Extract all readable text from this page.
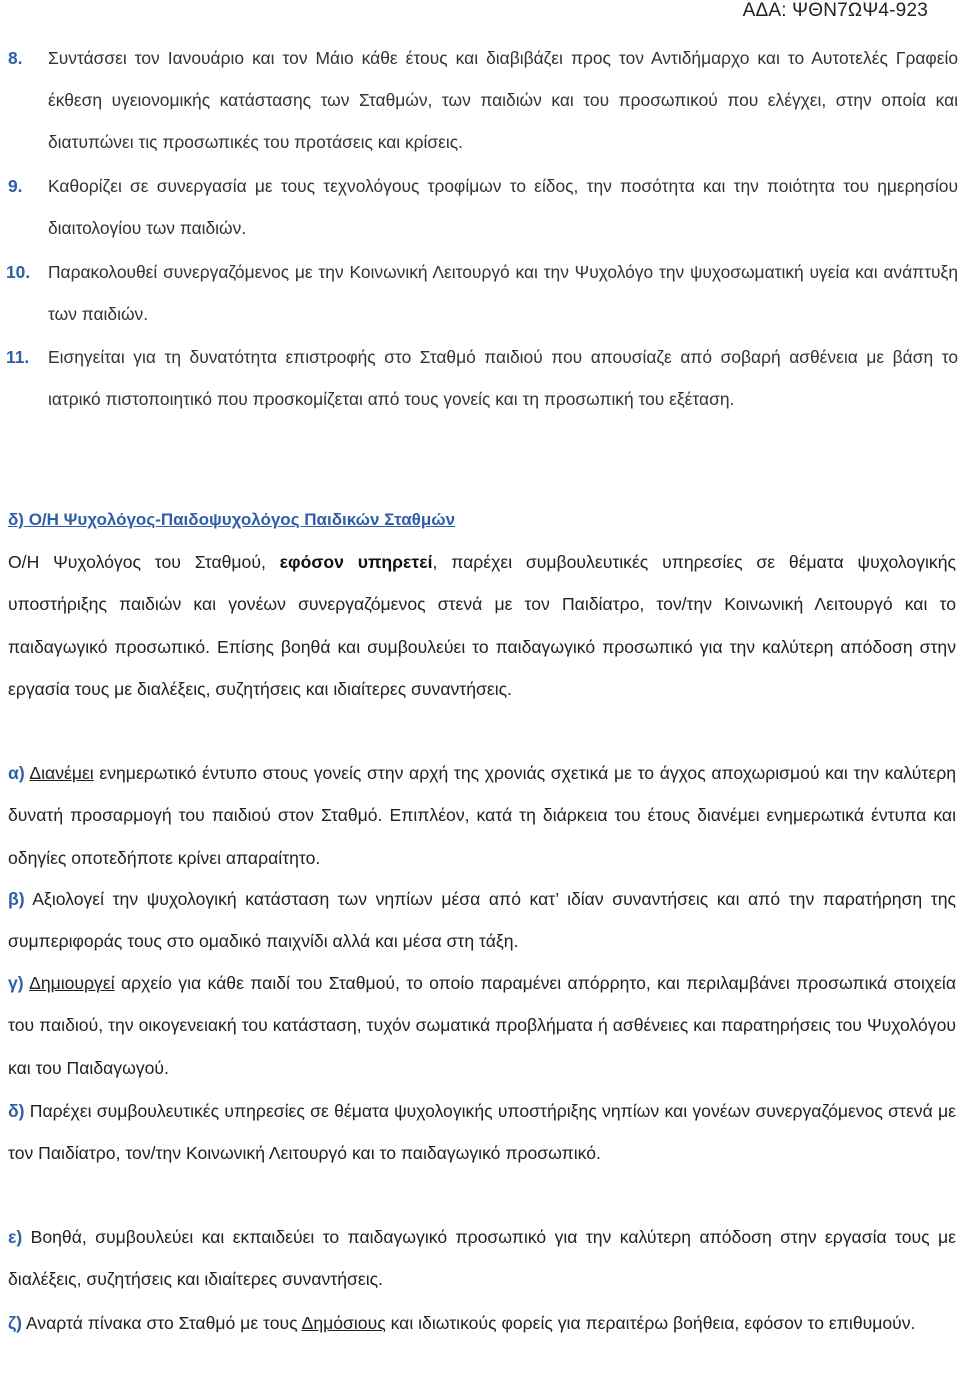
ΑΔΑ: ΨΘΝ7ΩΨ4-923
8. Συντάσσει τον Ιανουάριο και τον Μάιο κάθε έτους και διαβιβάζει προς τον Αντιδήμαρχο και το Αυτοτελές Γραφείο έκθεση υγειονομικής κατάστασης των Σταθμών, των παιδιών και του προσωπικού που ελέγχει, στην οποία και διατυπώνει τις προσωπικές του προτάσεις και κρίσεις.
9. Καθορίζει σε συνεργασία με τους τεχνολόγους τροφίμων το είδος, την ποσότητα και την ποιότητα του ημερησίου διαιτολογίου των παιδιών.
10. Παρακολουθεί συνεργαζόμενος με την Κοινωνική Λειτουργό και την Ψυχολόγο την ψυχοσωματική υγεία και ανάπτυξη των παιδιών.
11. Εισηγείται για τη δυνατότητα επιστροφής στο Σταθμό παιδιού που απουσίαζε από σοβαρή ασθένεια με βάση το ιατρικό πιστοποιητικό που προσκομίζεται από τους γονείς και τη προσωπική του εξέταση.
δ) Ο/Η Ψυχολόγος-Παιδοψυχολόγος Παιδικών Σταθμών
Ο/Η Ψυχολόγος του Σταθμού, εφόσον υπηρετεί, παρέχει συμβουλευτικές υπηρεσίες σε θέματα ψυχολογικής υποστήριξης παιδιών και γονέων συνεργαζόμενος στενά με τον Παιδίατρο, τον/την Κοινωνική Λειτουργό και το παιδαγωγικό προσωπικό. Επίσης βοηθά και συμβουλεύει το παιδαγωγικό προσωπικό για την καλύτερη απόδοση στην εργασία τους με διαλέξεις, συζητήσεις και ιδιαίτερες συναντήσεις.
α) Διανέμει ενημερωτικό έντυπο στους γονείς στην αρχή της χρονιάς σχετικά με το άγχος αποχωρισμού και την καλύτερη δυνατή προσαρμογή του παιδιού στον Σταθμό. Επιπλέον, κατά τη διάρκεια του έτους διανέμει ενημερωτικά έντυπα και οδηγίες οποτεδήποτε κρίνει απαραίτητο.
β) Αξιολογεί την ψυχολογική κατάσταση των νηπίων μέσα από κατ’ ιδίαν συναντήσεις και από την παρατήρηση της συμπεριφοράς τους στο ομαδικό παιχνίδι αλλά και μέσα στη τάξη.
γ) Δημιουργεί αρχείο για κάθε παιδί του Σταθμού, το οποίο παραμένει απόρρητο, και περιλαμβάνει προσωπικά στοιχεία του παιδιού, την οικογενειακή του κατάσταση, τυχόν σωματικά προβλήματα ή ασθένειες και παρατηρήσεις του Ψυχολόγου και του Παιδαγωγού.
δ) Παρέχει συμβουλευτικές υπηρεσίες σε θέματα ψυχολογικής υποστήριξης νηπίων και γονέων συνεργαζόμενος στενά με τον Παιδίατρο, τον/την Κοινωνική Λειτουργό και το παιδαγωγικό προσωπικό.
ε) Βοηθά, συμβουλεύει και εκπαιδεύει το παιδαγωγικό προσωπικό για την καλύτερη απόδοση στην εργασία τους με διαλέξεις, συζητήσεις και ιδιαίτερες συναντήσεις.
ζ) Αναρτά πίνακα στο Σταθμό με τους Δημόσιους και ιδιωτικούς φορείς για περαιτέρω βοήθεια, εφόσον το επιθυμούν.
